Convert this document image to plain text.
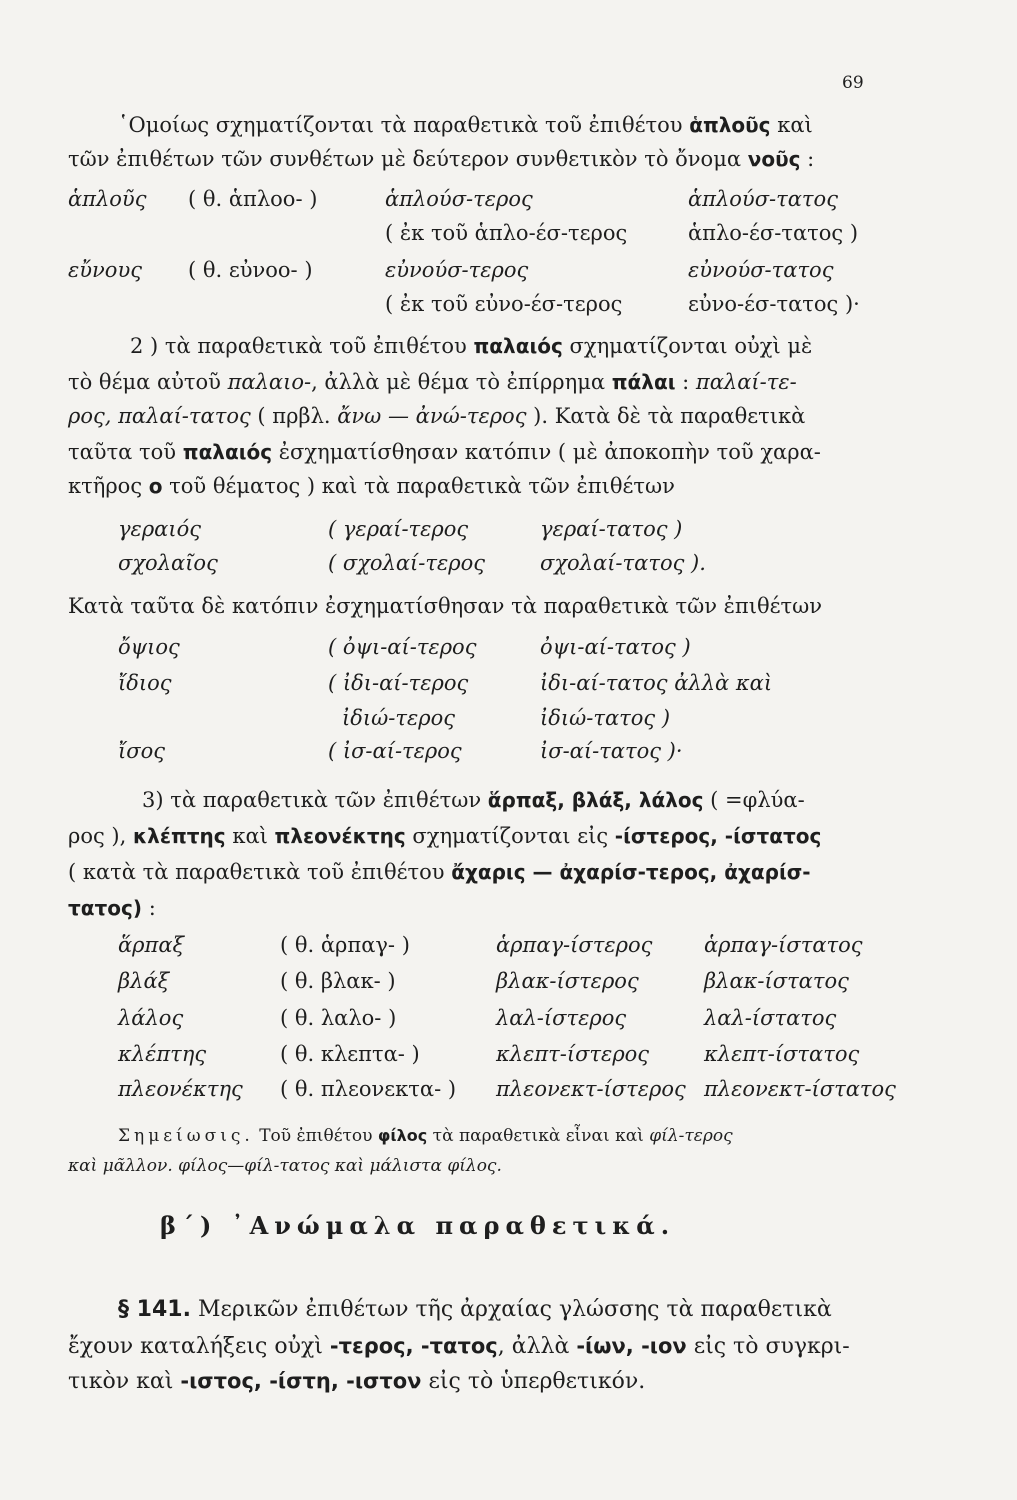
69
῾Ομοίως σχηματίζονται τὰ παραθετικὰ τοῦ ἐπιθέτου ἁπλοῦς καὶ
τῶν ἐπιθέτων τῶν συνθέτων μὲ δεύτερον συνθετικὸν τὸ ὄνομα νοῦς :
ἁπλοῦς ( θ. ἁπλοο- )	ἁπλούσ-τερος	ἁπλούσ-τατος
( ἐκ τοῦ ἁπλο-έσ-τερος	ἁπλο-έσ-τατος )
εὔνους ( θ. εὐνοο- )	εὐνούσ-τερος	εὐνούσ-τατος
( ἐκ τοῦ εὐνο-έσ-τερος	εὐνο-έσ-τατος )·
2 ) τὰ παραθετικὰ τοῦ ἐπιθέτου παλαιός σχηματίζονται οὐχὶ μὲ
τὸ θέμα αὐτοῦ παλαιο-, ἀλλὰ μὲ θέμα τὸ ἐπίρρημα πάλαι : παλαί-τε-
ρος, παλαί-τατος ( πρβλ. ἄνω — ἀνώ-τερος ). Κατὰ δὲ τὰ παραθετικὰ
ταῦτα τοῦ παλαιός ἐσχηματίσθησαν κατόπιν ( μὲ ἀποκοπὴν τοῦ χαρα-
κτῆρος ο τοῦ θέματος ) καὶ τὰ παραθετικὰ τῶν ἐπιθέτων
γεραιός	( γεραί-τερος	γεραί-τατος )
σχολαῖος	( σχολαί-τερος	σχολαί-τατος ).
Κατὰ ταῦτα δὲ κατόπιν ἐσχηματίσθησαν τὰ παραθετικὰ τῶν ἐπιθέτων
ὄψιος	( ὀψι-αί-τερος	ὀψι-αί-τατος )
ἴδιος	( ἰδι-αί-τερος	ἰδι-αί-τατος ἀλλὰ καὶ
ἰδιώ-τερος	ἰδιώ-τατος )
ἴσος	( ἰσ-αί-τερος	ἰσ-αί-τατος )·
3) τὰ παραθετικὰ τῶν ἐπιθέτων ἅρπαξ, βλάξ, λάλος ( =φλύα-
ρος ), κλέπτης καὶ πλεονέκτης σχηματίζονται εἰς -ίστερος, -ίστατος
( κατὰ τὰ παραθετικὰ τοῦ ἐπιθέτου ἄχαρις — ἀχαρίσ-τερος, ἀχαρίσ-
τατος) :
ἅρπαξ	( θ. ἁρπαγ- )	ἁρπαγ-ίστερος ἁρπαγ-ίστατος
βλάξ	( θ. βλακ- )	βλακ-ίστερος	βλακ-ίστατος
λάλος	( θ. λαλο- )	λαλ-ίστερος	λαλ-ίστατος
κλέπτης	( θ. κλεπτα- )	κλεπτ-ίστερος	κλεπτ-ίστατος
πλεονέκτης ( θ. πλεονεκτα- ) πλεονεκτ-ίστερος πλεονεκτ-ίστατος
Σημείωσις. Τοῦ ἐπιθέτου φίλος τὰ παραθετικὰ εἶναι καὶ φίλ-τερος
καὶ μᾶλλον. φίλος—φίλ-τατος καὶ μάλιστα φίλος.
β΄) ᾿Ανώμαλα παραθετικά.
§ 141. Μερικῶν ἐπιθέτων τῆς ἀρχαίας γλώσσης τὰ παραθετικὰ
ἔχουν καταλήξεις οὐχὶ -τερος, -τατος, ἀλλὰ -ίων, -ιον εἰς τὸ συγκρι-
τικὸν καὶ -ιστος, -ίστη, -ιστον εἰς τὸ ὑπερθετικόν.
